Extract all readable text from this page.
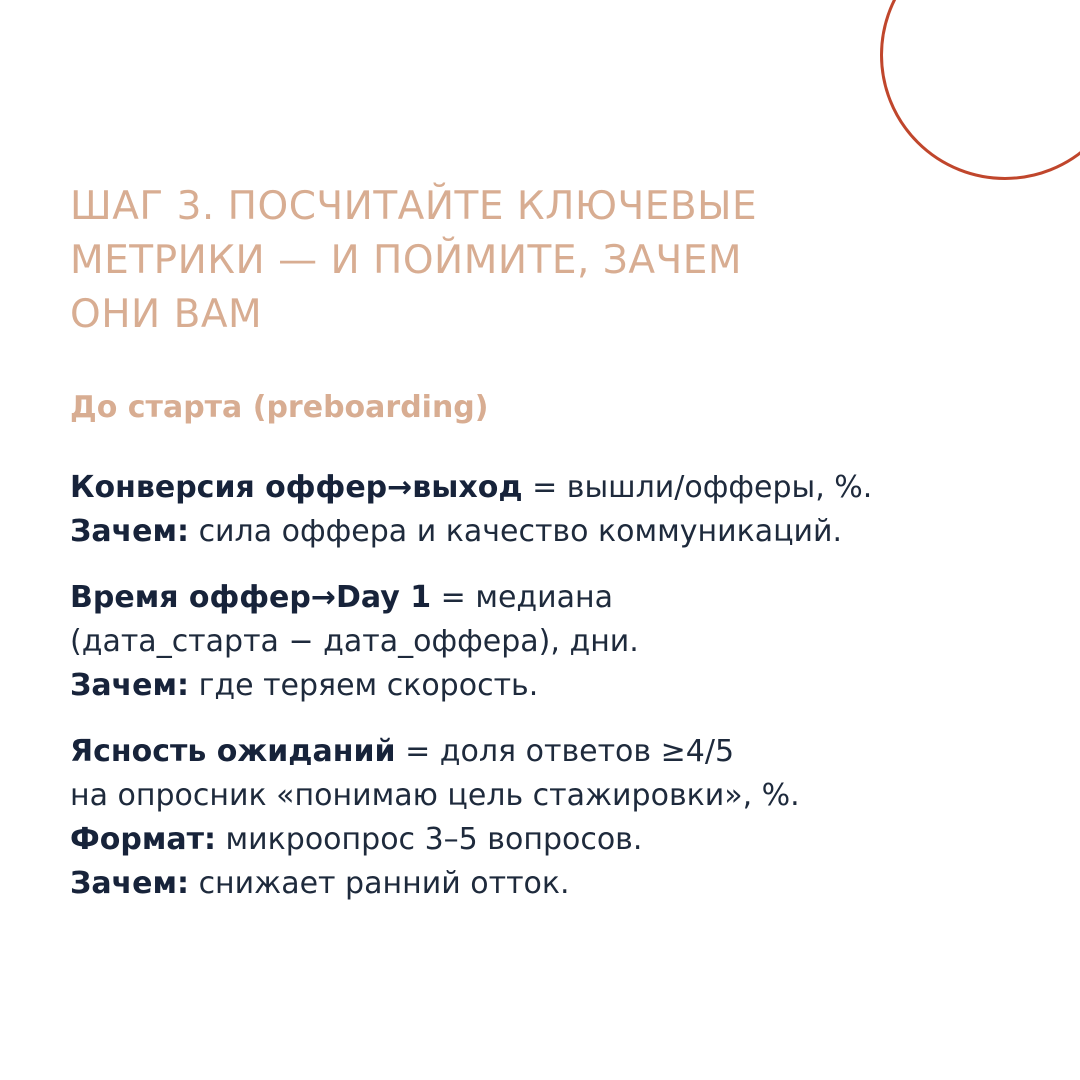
ШАГ 3. ПОСЧИТАЙТЕ КЛЮЧЕВЫЕ
МЕТРИКИ — И ПОЙМИТЕ, ЗАЧЕМ
ОНИ ВАМ
До старта (preboarding)
Конверсия оффер→выход = вышли/офферы, %.
Зачем: сила оффера и качество коммуникаций.
Время оффер→Day 1 = медиана
(дата_старта − дата_оффера), дни.
Зачем: где теряем скорость.
Ясность ожиданий = доля ответов ≥4/5
на опросник «понимаю цель стажировки», %.
Формат: микроопрос 3–5 вопросов.
Зачем: снижает ранний отток.
